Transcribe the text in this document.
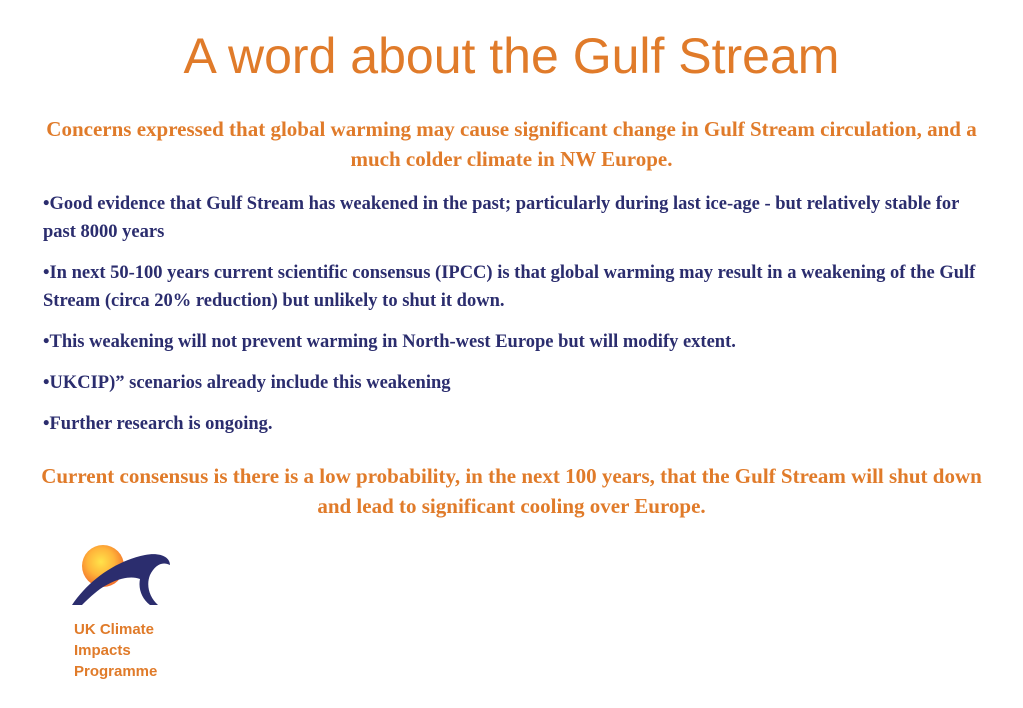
A word about the Gulf Stream
Concerns expressed that global warming may cause significant change in Gulf Stream circulation, and a much colder climate in NW Europe.
•Good evidence that Gulf Stream has weakened in the past; particularly during last ice-age - but relatively stable for past 8000 years
•In next 50-100 years current scientific consensus (IPCC) is that global warming may result in a weakening of the Gulf Stream (circa 20% reduction) but unlikely to shut it down.
•This weakening will not prevent warming in North-west Europe but will modify extent.
•UKCIP)” scenarios already include this weakening
•Further research is ongoing.
Current consensus is there is a low probability, in the next 100 years, that the Gulf Stream will shut down and lead to significant cooling over Europe.
UK Climate
Impacts
Programme
